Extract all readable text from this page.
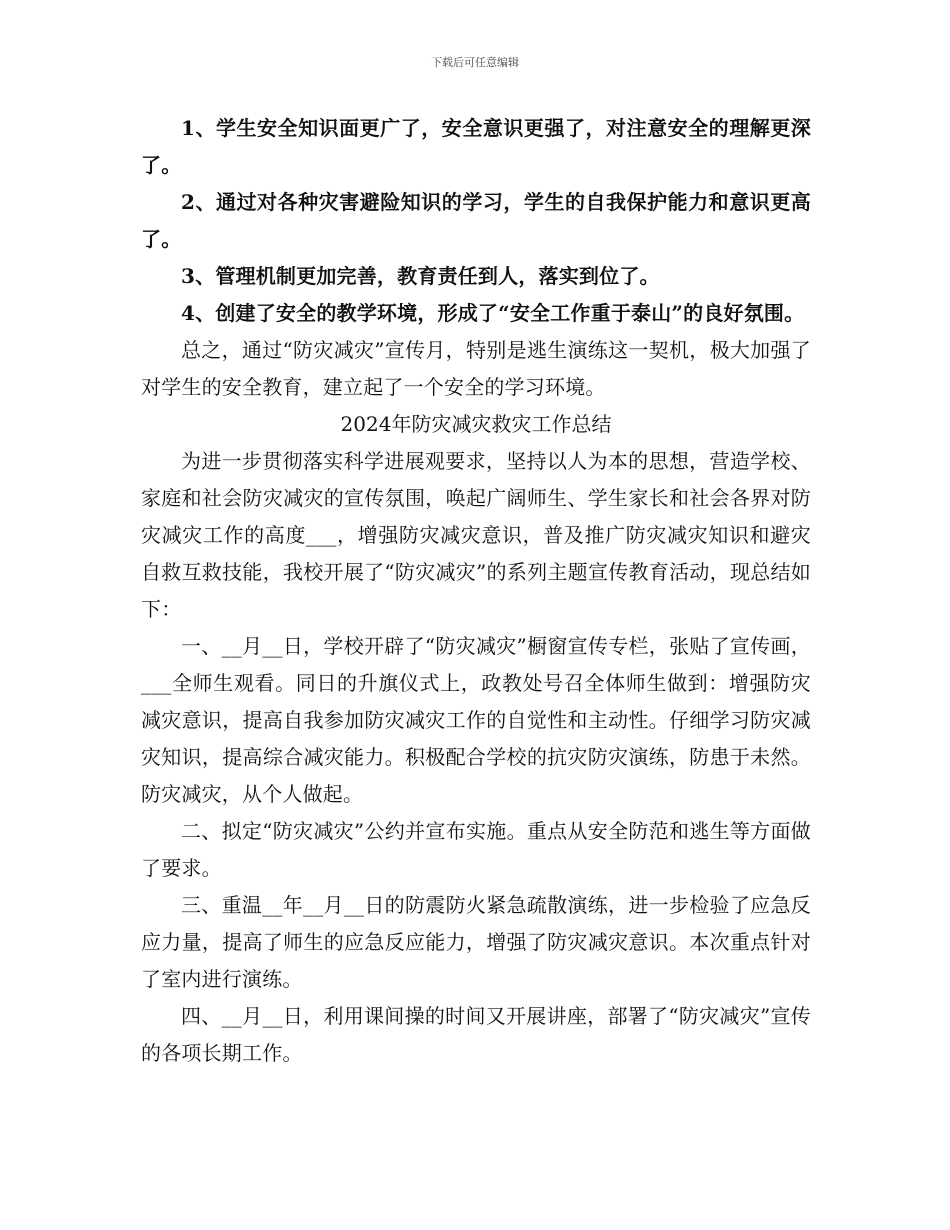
下载后可任意编辑

1、学生安全知识面更广了，安全意识更强了，对注意安全的理解更深了。

2、通过对各种灾害避险知识的学习，学生的自我保护能力和意识更高了。

3、管理机制更加完善，教育责任到人，落实到位了。

4、创建了安全的教学环境，形成了“安全工作重于泰山”的良好氛围。

总之，通过“防灾减灾”宣传月，特别是逃生演练这一契机，极大加强了对学生的安全教育，建立起了一个安全的学习环境。

2024年防灾减灾救灾工作总结

为进一步贯彻落实科学进展观要求，坚持以人为本的思想，营造学校、家庭和社会防灾减灾的宣传氛围，唤起广阔师生、学生家长和社会各界对防灾减灾工作的高度___，增强防灾减灾意识，普及推广防灾减灾知识和避灾自救互救技能，我校开展了“防灾减灾”的系列主题宣传教育活动，现总结如下：

一、__月__日，学校开辟了“防灾减灾”橱窗宣传专栏，张贴了宣传画，___全师生观看。同日的升旗仪式上，政教处号召全体师生做到：增强防灾减灾意识，提高自我参加防灾减灾工作的自觉性和主动性。仔细学习防灾减灾知识，提高综合减灾能力。积极配合学校的抗灾防灾演练，防患于未然。防灾减灾，从个人做起。

二、拟定“防灾减灾”公约并宣布实施。重点从安全防范和逃生等方面做了要求。

三、重温__年__月__日的防震防火紧急疏散演练，进一步检验了应急反应力量，提高了师生的应急反应能力，增强了防灾减灾意识。本次重点针对了室内进行演练。

四、__月__日，利用课间操的时间又开展讲座，部署了“防灾减灾”宣传的各项长期工作。
